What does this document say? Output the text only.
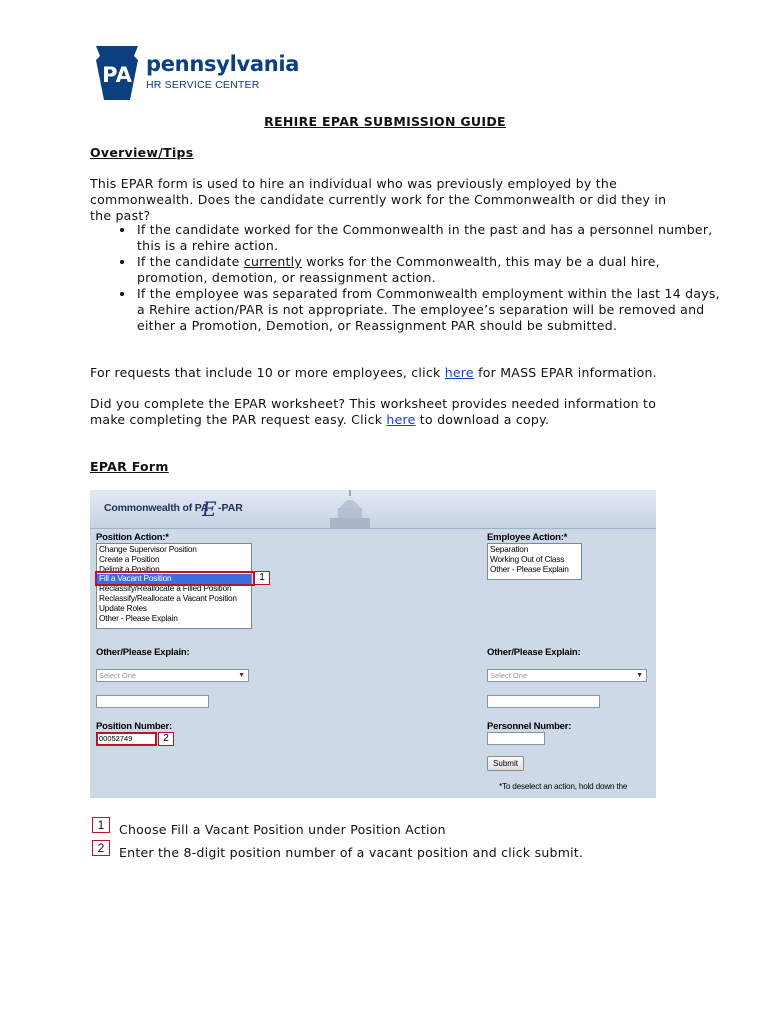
PA pennsylvania
HR SERVICE CENTER
REHIRE EPAR SUBMISSION GUIDE
Overview/Tips
This EPAR form is used to hire an individual who was previously employed by the commonwealth. Does the candidate currently work for the Commonwealth or did they in the past?
• If the candidate worked for the Commonwealth in the past and has a personnel number, this is a rehire action.
• If the candidate currently works for the Commonwealth, this may be a dual hire, promotion, demotion, or reassignment action.
• If the employee was separated from Commonwealth employment within the last 14 days, a Rehire action/PAR is not appropriate. The employee’s separation will be removed and either a Promotion, Demotion, or Reassignment PAR should be submitted.
For requests that include 10 or more employees, click here for MASS EPAR information.
Did you complete the EPAR worksheet? This worksheet provides needed information to make completing the PAR request easy. Click here to download a copy.
EPAR Form
Commonwealth of PA
E -PAR
Position Action:*
Change Supervisor Position
Create a Position
Delimit a Position
Fill a Vacant Position
Reclassify/Reallocate a Filled Position
Reclassify/Reallocate a Vacant Position
Update Roles
Other - Please Explain
1
Employee Action:*
Separation
Working Out of Class
Other - Please Explain
Other/Please Explain:
Select One	▼
Other/Please Explain:
Select One	▼
Position Number:
00052749	2
Personnel Number:
Submit
*To deselect an action, hold down the
1	Choose Fill a Vacant Position under Position Action
2	Enter the 8-digit position number of a vacant position and click submit.
